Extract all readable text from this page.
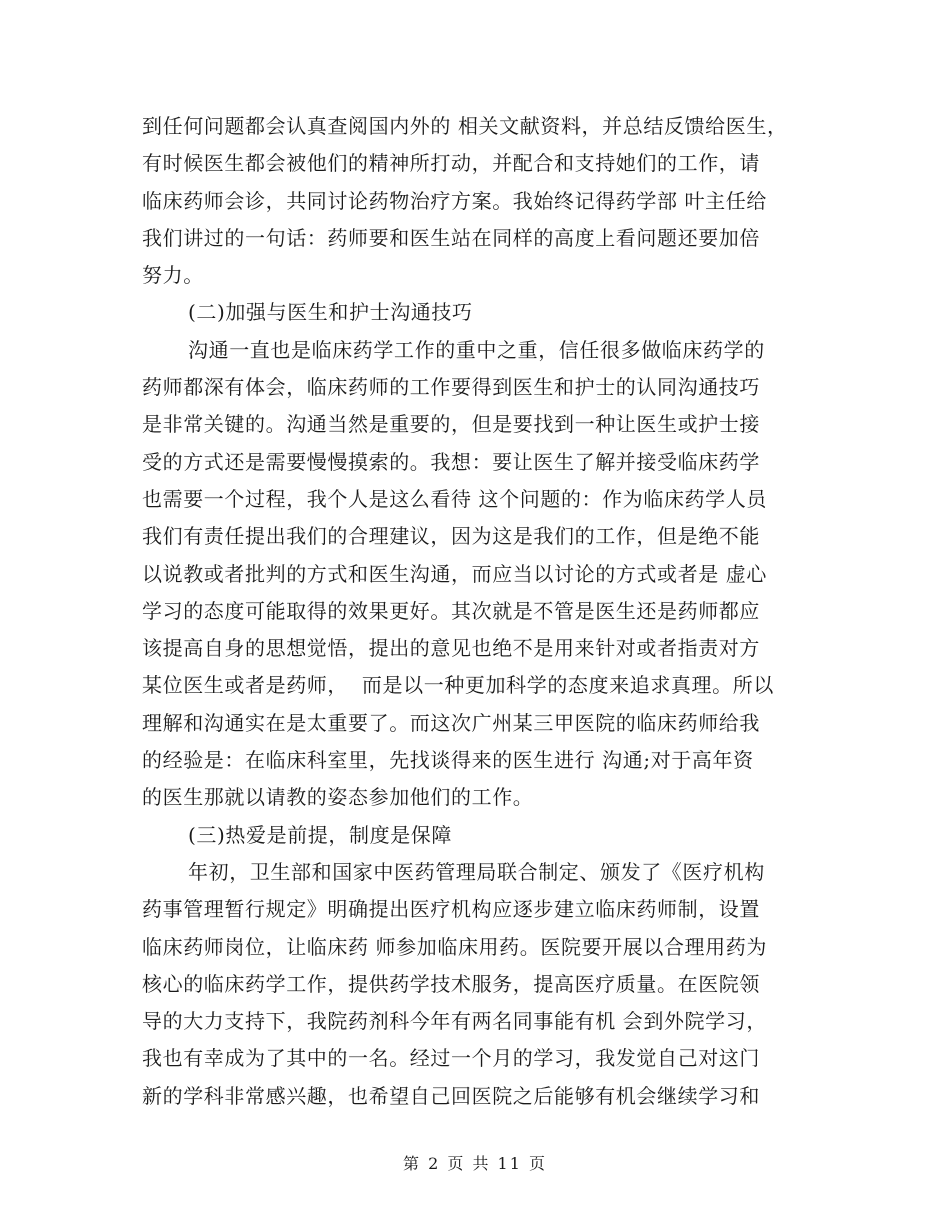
到任何问题都会认真查阅国内外的 相关文献资料，并总结反馈给医生，
有时候医生都会被他们的精神所打动，并配合和支持她们的工作，请
临床药师会诊，共同讨论药物治疗方案。我始终记得药学部 叶主任给
我们讲过的一句话：药师要和医生站在同样的高度上看问题还要加倍
努力。
(二)加强与医生和护士沟通技巧
沟通一直也是临床药学工作的重中之重，信任很多做临床药学的
药师都深有体会，临床药师的工作要得到医生和护士的认同沟通技巧
是非常关键的。沟通当然是重要的，但是要找到一种让医生或护士接
受的方式还是需要慢慢摸索的。我想：要让医生了解并接受临床药学
也需要一个过程，我个人是这么看待 这个问题的：作为临床药学人员
我们有责任提出我们的合理建议，因为这是我们的工作，但是绝不能
以说教或者批判的方式和医生沟通，而应当以讨论的方式或者是 虚心
学习的态度可能取得的效果更好。其次就是不管是医生还是药师都应
该提高自身的思想觉悟，提出的意见也绝不是用来针对或者指责对方
某位医生或者是药师，  而是以一种更加科学的态度来追求真理。所以
理解和沟通实在是太重要了。而这次广州某三甲医院的临床药师给我
的经验是：在临床科室里，先找谈得来的医生进行 沟通;对于高年资
的医生那就以请教的姿态参加他们的工作。
(三)热爱是前提，制度是保障
年初，卫生部和国家中医药管理局联合制定、颁发了《医疗机构
药事管理暂行规定》明确提出医疗机构应逐步建立临床药师制，设置
临床药师岗位，让临床药 师参加临床用药。医院要开展以合理用药为
核心的临床药学工作，提供药学技术服务，提高医疗质量。在医院领
导的大力支持下，我院药剂科今年有两名同事能有机 会到外院学习，
我也有幸成为了其中的一名。经过一个月的学习，我发觉自己对这门
新的学科非常感兴趣，也希望自己回医院之后能够有机会继续学习和
第 2 页 共 11 页
